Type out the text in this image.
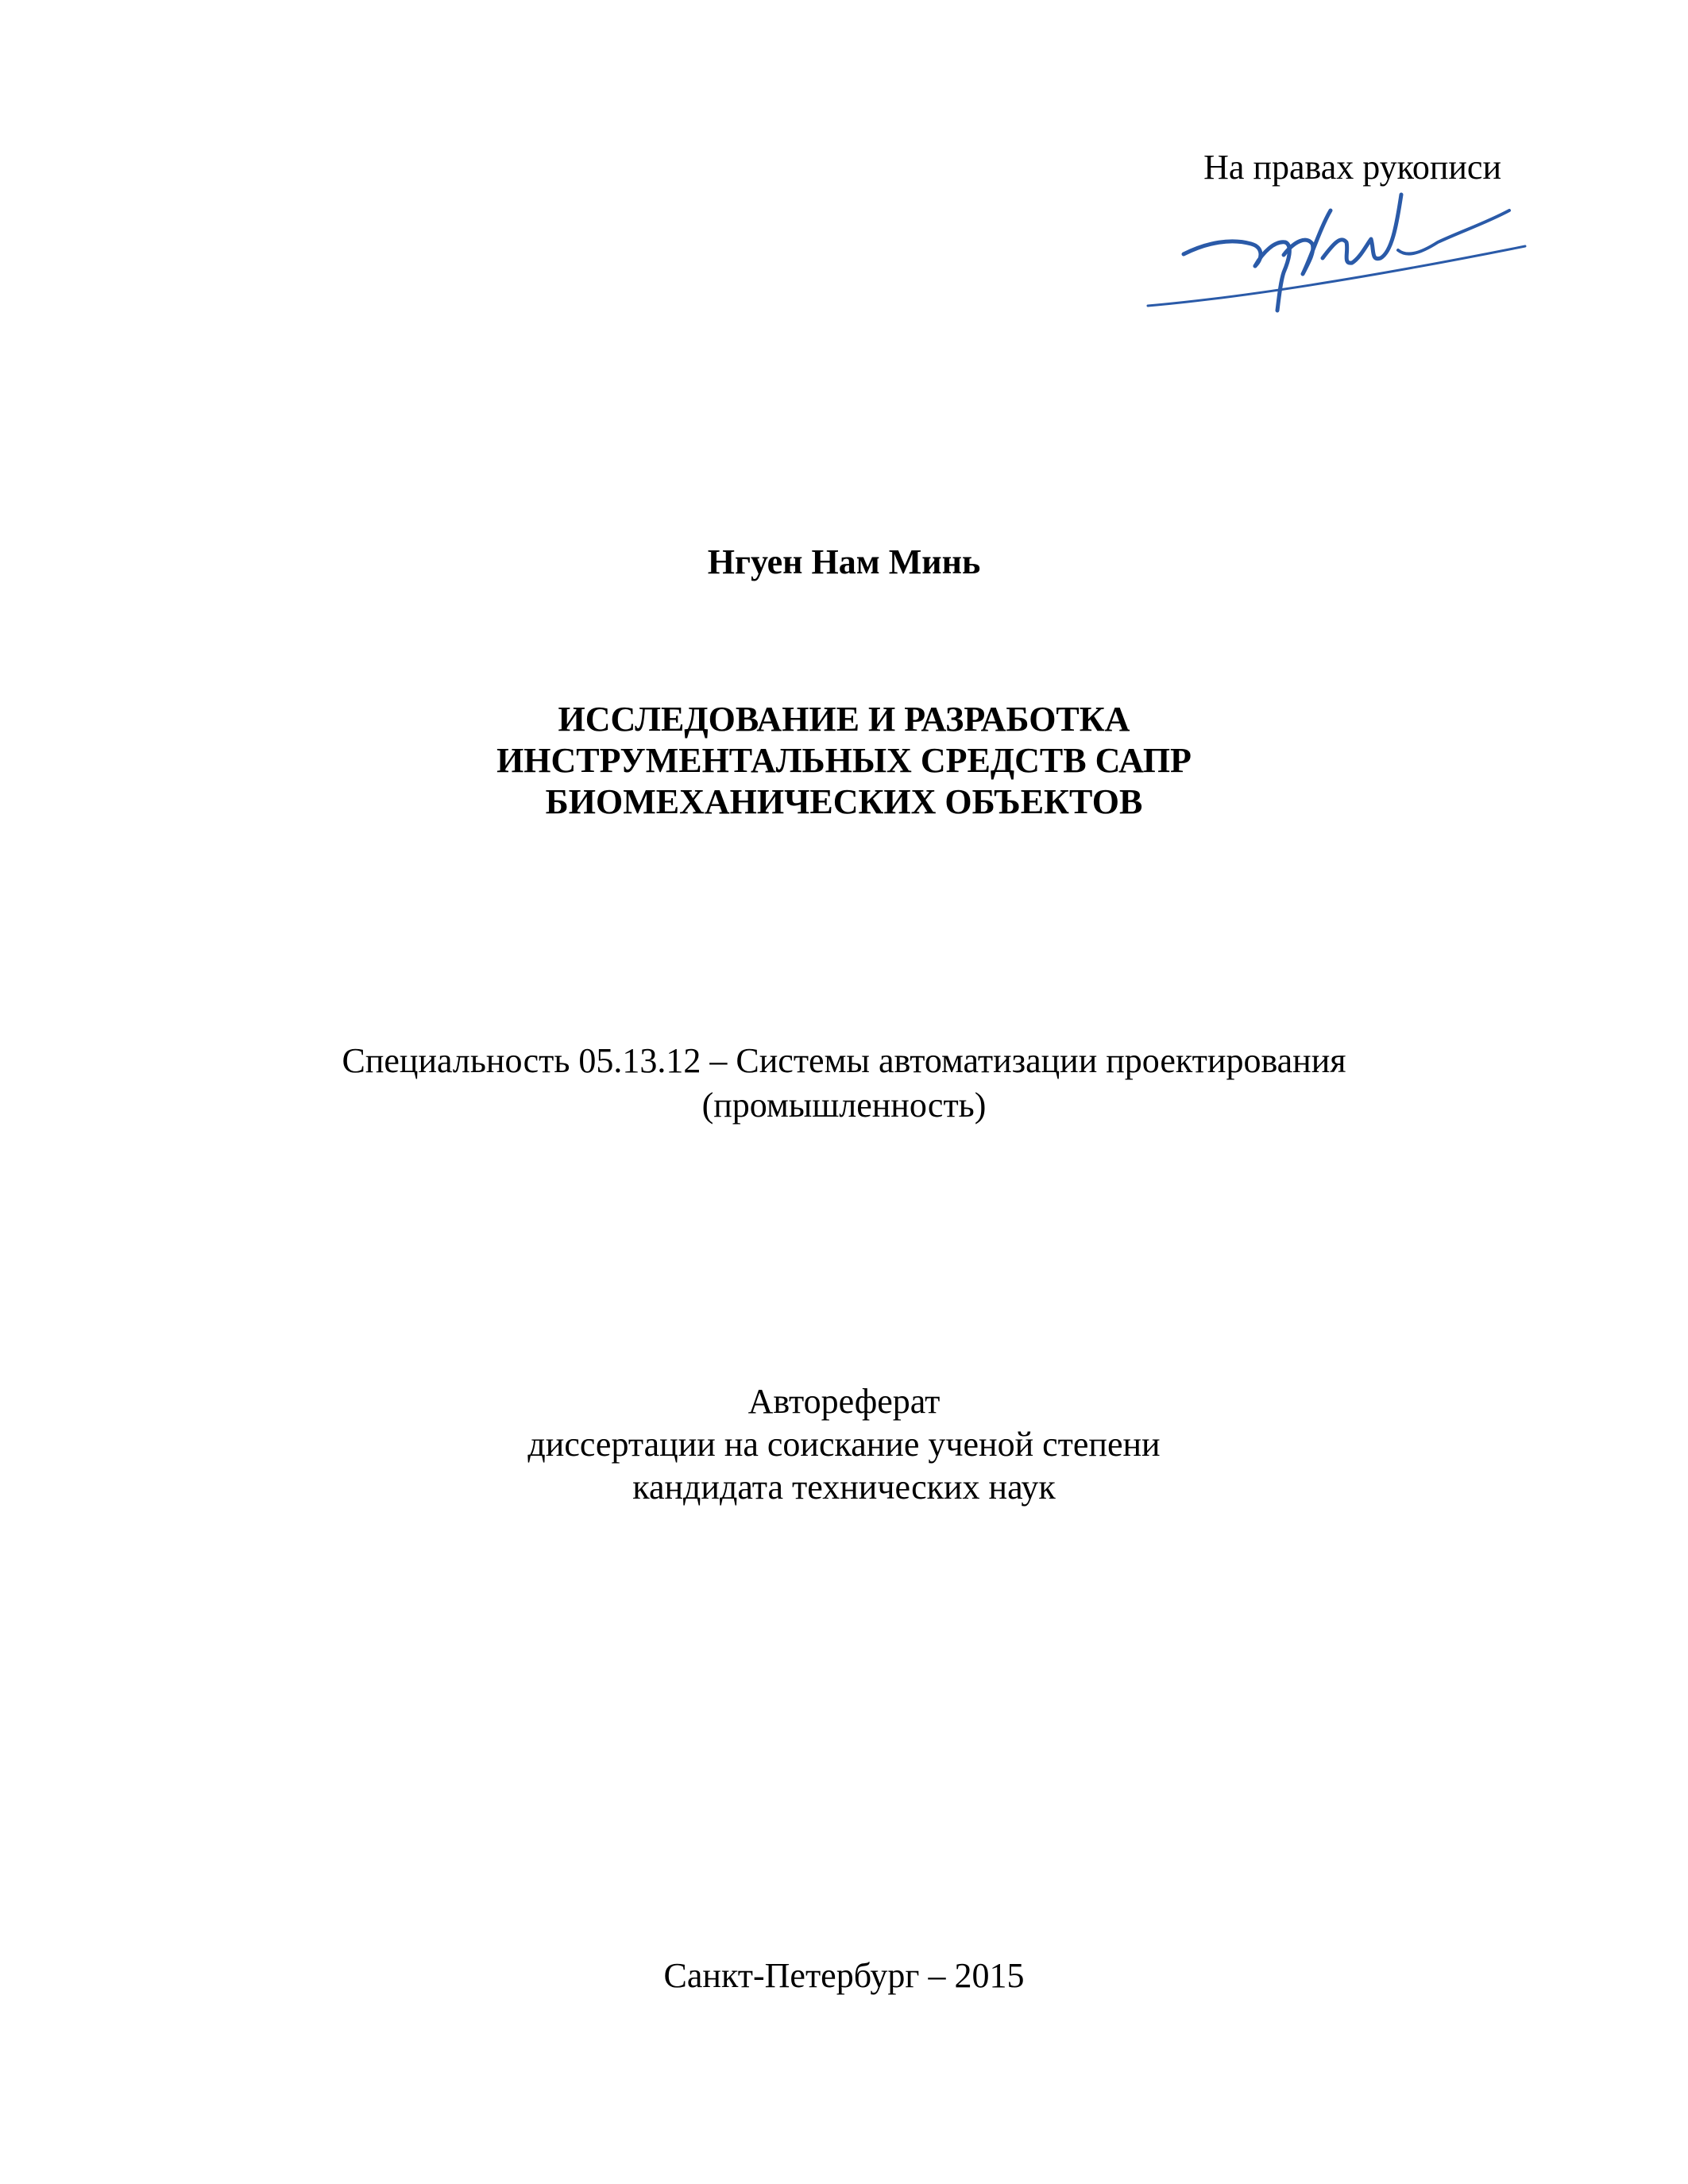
На правах рукописи
Нгуен Нам Минь
ИССЛЕДОВАНИЕ И РАЗРАБОТКА
ИНСТРУМЕНТАЛЬНЫХ СРЕДСТВ САПР
БИОМЕХАНИЧЕСКИХ ОБЪЕКТОВ
Специальность 05.13.12 – Системы автоматизации проектирования
(промышленность)
Автореферат
диссертации на соискание ученой степени
кандидата технических наук
Санкт-Петербург – 2015
